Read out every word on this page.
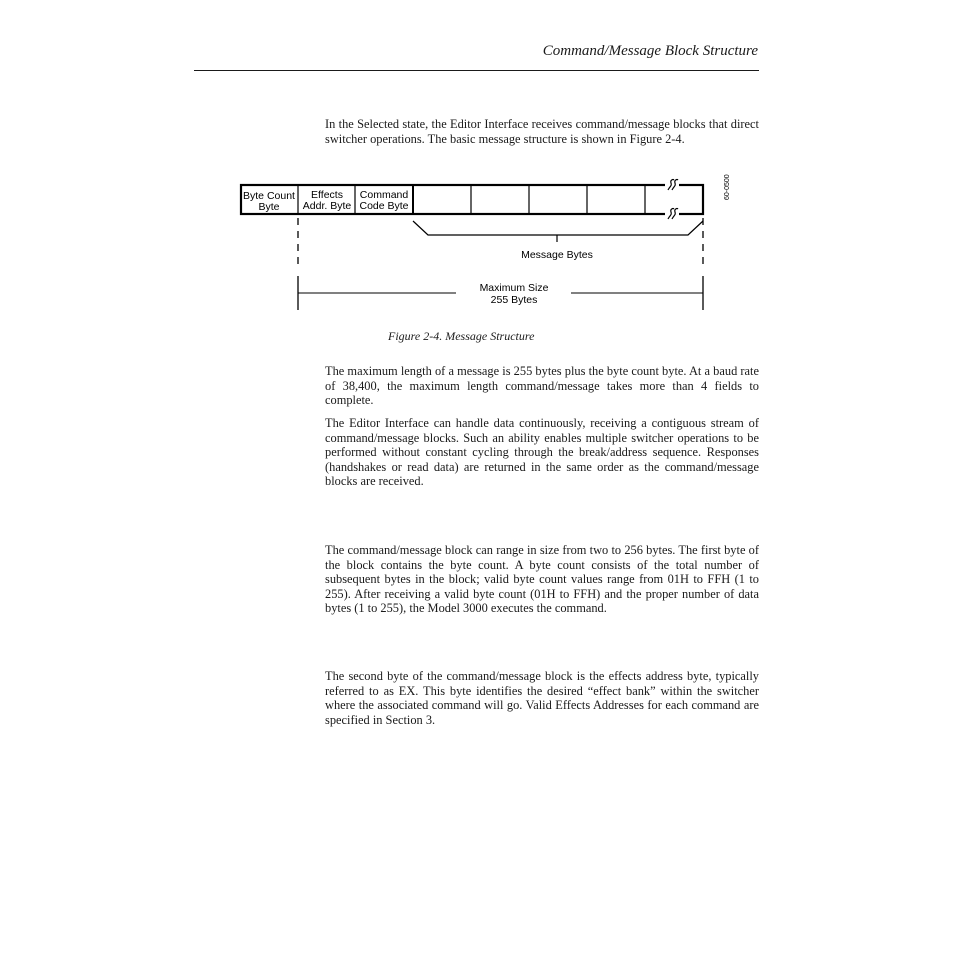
Command/Message Block Structure

In the Selected state, the Editor Interface receives command/message blocks that direct switcher operations. The basic message structure is shown in Figure 2-4.

Byte Count
Byte
Effects
Addr. Byte
Command
Code Byte
60-0500
Message Bytes
Maximum Size
255 Bytes
Figure 2-4. Message Structure

The maximum length of a message is 255 bytes plus the byte count byte. At a baud rate of 38,400, the maximum length command/message takes more than 4 fields to complete.

The Editor Interface can handle data continuously, receiving a contiguous stream of command/message blocks. Such an ability enables multiple switcher operations to be performed without constant cycling through the break/address sequence. Responses (handshakes or read data) are returned in the same order as the command/message blocks are received.

The command/message block can range in size from two to 256 bytes. The first byte of the block contains the byte count. A byte count consists of the total number of subsequent bytes in the block; valid byte count values range from 01H to FFH (1 to 255). After receiving a valid byte count (01H to FFH) and the proper number of data bytes (1 to 255), the Model 3000 executes the command.

The second byte of the command/message block is the effects address byte, typically referred to as EX. This byte identifies the desired “effect bank” within the switcher where the associated command will go. Valid Effects Addresses for each command are specified in Section 3.
